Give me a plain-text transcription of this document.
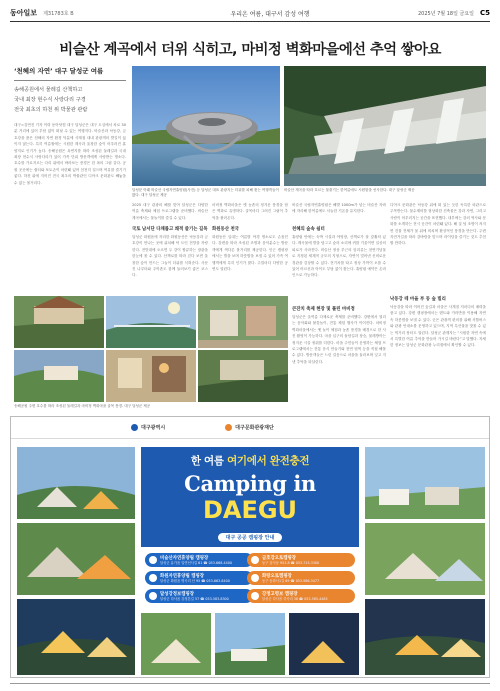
동아일보 제31783호 B	우리온 여름, 대구서 감성 여행	2025년 7월 18일 금요일 C5
비슬산 계곡에서 더위 식히고, 마비정 벽화마을에선 추억 쌓아요
‘천혜의 자연’ 대구 달성군 여름
송해공원에서 물레길 산책하고
국내 최장 현수식 사랑다리 구경
전국 최초의 하천 위 박물관 관람
대구=김연진 기자 이력 동아닷컴 대구 달성군은 대구 도심에서 차로 30분 거리에 있어 부담 없이 떠날 수 있는 여행지다. 비슬산과 낙동강, 금호강을 품은 천혜의 자연 환경 덕분에 사계절 내내 관광객의 발길이 끊이지 않는다. 특히 여름철에는 시원한 계곡과 울창한 숲이 어우러진 휴양지로 인기가 높다. 송해공원은 옥연지를 따라 조성된 둘레길과 국내 최장 현수식 사랑다리가 있어 가족 단위 방문객에게 사랑받는 명소다. 호수를 가로지르는 다리 위에서 바라보는 풍경은 한 폭의 그림 같다. 공원 곳곳에는 쉼터와 포토존이 마련돼 있어 천천히 걸으며 여유를 즐기기 좋다. 하천 위에 지어진 전국 최초의 박물관인 디아크 문화관도 빼놓을 수 없는 볼거리다.
달성문 아래 비슬산 국립자연휴양림(사진) 등 달성군 대표 관광지는 더위를 피해 찾는 여행객들이 많다. 대구 달성군 제공
비슬산 계곡을 따라 흐르는 물줄기는 한여름에도 시원함을 선사한다. 대구 달성군 제공
2025 대구 관광의 해를 맞아 달성군은 다양한 여름 축제와 체험 프로그램을 준비했다. 비슬산 계곡에서는 물놀이를 즐길 수 있다.
국토 남서단 다채롭고 쾌적 즐기는 길목
달성군 화원읍에 자리한 화원동산은 낙동강과 금호강이 만나는 곳에 위치해 탁 트인 전망을 자랑한다. 전망대에 오르면 두 강이 합류하는 장관을 한눈에 볼 수 있다. 산책로를 따라 걷다 보면 울창한 숲이 만드는 그늘이 더위를 식혀준다. 사문진 나루터와 주막촌도 함께 둘러보기 좋은 코스다.
마비정 벽화마을은 옛 농촌의 정겨운 풍경을 담은 벽화로 유명하다. 골목마다 그려진 그림이 추억을 불러온다.
화원동산 천국
화원동산 일대는 여름밤 야경 명소로도 손꼽힌다. 강변을 따라 조성된 조명과 음악분수는 방문객에게 색다른 볼거리를 제공한다. 인근 캠핑장에서는 별을 보며 하룻밤을 보낼 수 있어 가족 여행객에게 특히 인기가 많다. 주말마다 다양한 공연도 열린다.
비슬산 국립자연휴양림은 해발 1000m가 넘는 비슬산 자락에 자리해 한여름에도 서늘한 기온을 유지한다.
천혜의 숲속 쉼터
휴양림 안에는 숙박 시설과 야영장, 산책로가 잘 갖춰져 있다. 계곡물에 발을 담그고 숲의 소리에 귀를 기울이면 일상의 피로가 사라진다. 비슬산 정상 부근의 암괴류는 천연기념물로 지정된 세계적 규모의 지형으로, 자연이 빚어낸 신비로운 경관을 감상할 수 있다. 전기차를 타고 정상 가까이 오를 수 있어 어르신과 아이도 부담 없이 찾는다. 휴양림 예약은 온라인으로 가능하다.
큰잔치 축제 현장 및 풀린 마비정
달성군은 올여름 다채로운 축제를 준비했다. 강변에서 열리는 음악회와 불꽃놀이, 전통 체험 행사가 이어진다. 마비정 벽화마을에서는 옛 놀이 체험과 농촌 풍경을 배경으로 한 사진 촬영이 가능하다. 마을 입구의 돌담길과 장승, 물레방아는 정겨운 시골 정취를 더한다. 마을 주민들이 운영하는 체험 프로그램에서는 전통 음식 만들기와 천연 염색 등을 직접 해볼 수 있다. 방문객들은 느린 걸음으로 마을을 둘러보며 잊고 지낸 추억을 되살린다.
디아크 문화관은 낙동강 위에 떠 있는 듯한 독특한 외관으로 주목받는다. 물수제비를 형상화한 건축물은 강과 자연, 그리고 사람이 어우러지는 공간을 표현했다. 내부에는 강의 역사와 문화를 소개하는 전시 공간이 마련돼 있다. 해 질 녘 조명이 켜지면 건물 전체가 물 위에 비치며 환상적인 풍경을 만든다. 주변 자전거길을 따라 강바람을 맞으며 라이딩을 즐기는 것도 추천할 만하다.
낙동강 테 마을 부 동 숲 빌리
낙동강을 따라 이어진 숲길과 마을은 사계절 저마다의 매력을 품고 있다. 강변 캠핑장에서는 텐트와 카라반을 이용해 자연 속 하룻밤을 보낼 수 있다. 군은 관광객 편의를 위해 셔틀버스와 관광 안내소를 운영하고 있으며, 지역 특산물을 맛볼 수 있는 먹거리 장터도 열린다. 달성군 관계자는 “시원한 자연 속에서 특별한 여름 추억을 만들어 가시길 바란다”고 말했다. 자세한 정보는 달성군 문화관광 누리집에서 확인할 수 있다.
송해공원 주변 호수를 따라 조성된 둘레길과 마비정 벽화마을 골목 풍경. 대구 달성군 제공
대구광역시	대구문화관광재단
한 여름 여기에서 완전충전
Camping in DAEGU
대구 공공 캠핑장 안내
비슬산자연휴양림 캠핑장
달성군 유가읍 일연선사길 61 ☎ 053-668-4400
화원자연휴양림 캠핑장
달성군 화원읍 명곡리 산 95 ☎ 053-663-8400
달성강정보캠핑장
달성군 다사읍 강정본길 57 ☎ 053-583-8300
금호강오토캠핑장
동구 검사동 953-8 ☎ 053-715-3300
화랑오토캠핑장
동구 동화사1길 69 ☎ 053-986-3477
강정고령보 캠핑장
달성군 다사읍 죽곡리 38 ☎ 053-585-4485
